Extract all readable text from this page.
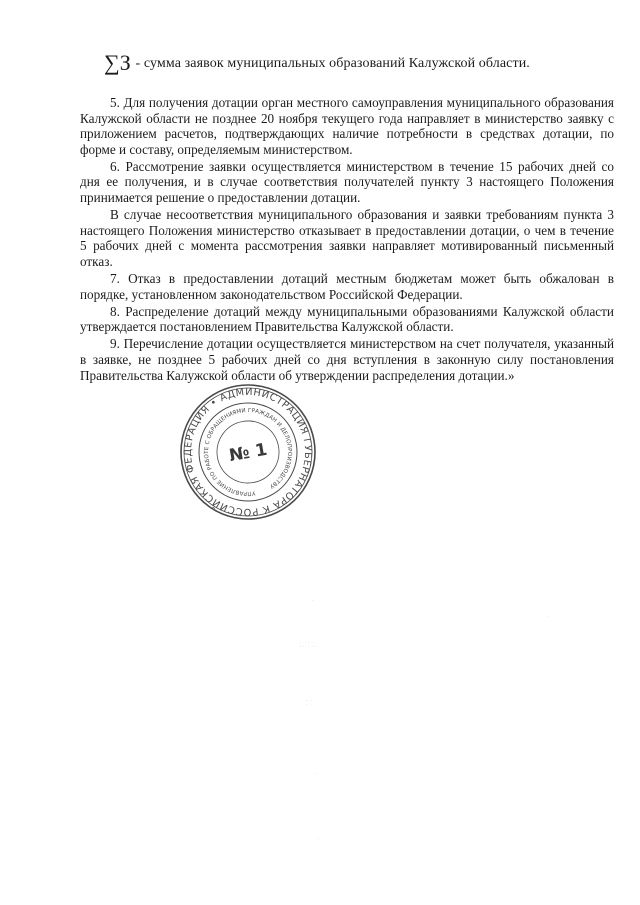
∑З - сумма заявок муниципальных образований Калужской области.

5. Для получения дотации орган местного самоуправления муниципального образования Калужской области не позднее 20 ноября текущего года направляет в министерство заявку с приложением расчетов, подтверждающих наличие потребности в средствах дотации, по форме и составу, определяемым министерством.

6. Рассмотрение заявки осуществляется министерством в течение 15 рабочих дней со дня ее получения, и в случае соответствия получателей пункту 3 настоящего Положения принимается решение о предоставлении дотации.

В случае несоответствия муниципального образования и заявки требованиям пункта 3 настоящего Положения министерство отказывает в предоставлении дотации, о чем в течение 5 рабочих дней с момента рассмотрения заявки направляет мотивированный письменный отказ.

7. Отказ в предоставлении дотаций местным бюджетам может быть обжалован в порядке, установленном законодательством Российской Федерации.

8. Распределение дотаций между муниципальными образованиями Калужской области утверждается постановлением Правительства Калужской области.

9. Перечисление дотации осуществляется министерством на счет получателя, указанный в заявке, не позднее 5 рабочих дней со дня вступления в законную силу постановления Правительства Калужской области об утверждении распределения дотации.»

РОССИЙСКАЯ ФЕДЕРАЦИЯ • АДМИНИСТРАЦИЯ ГУБЕРНАТОРА КАЛУЖСКОЙ
УПРАВЛЕНИЕ ПО РАБОТЕ С ОБРАЩЕНИЯМИ ГРАЖДАН И ДЕЛОПРОИЗВОДСТВУ
№ 1
· ·· ·
·· · ··
·
·
· ·
·
·
·
